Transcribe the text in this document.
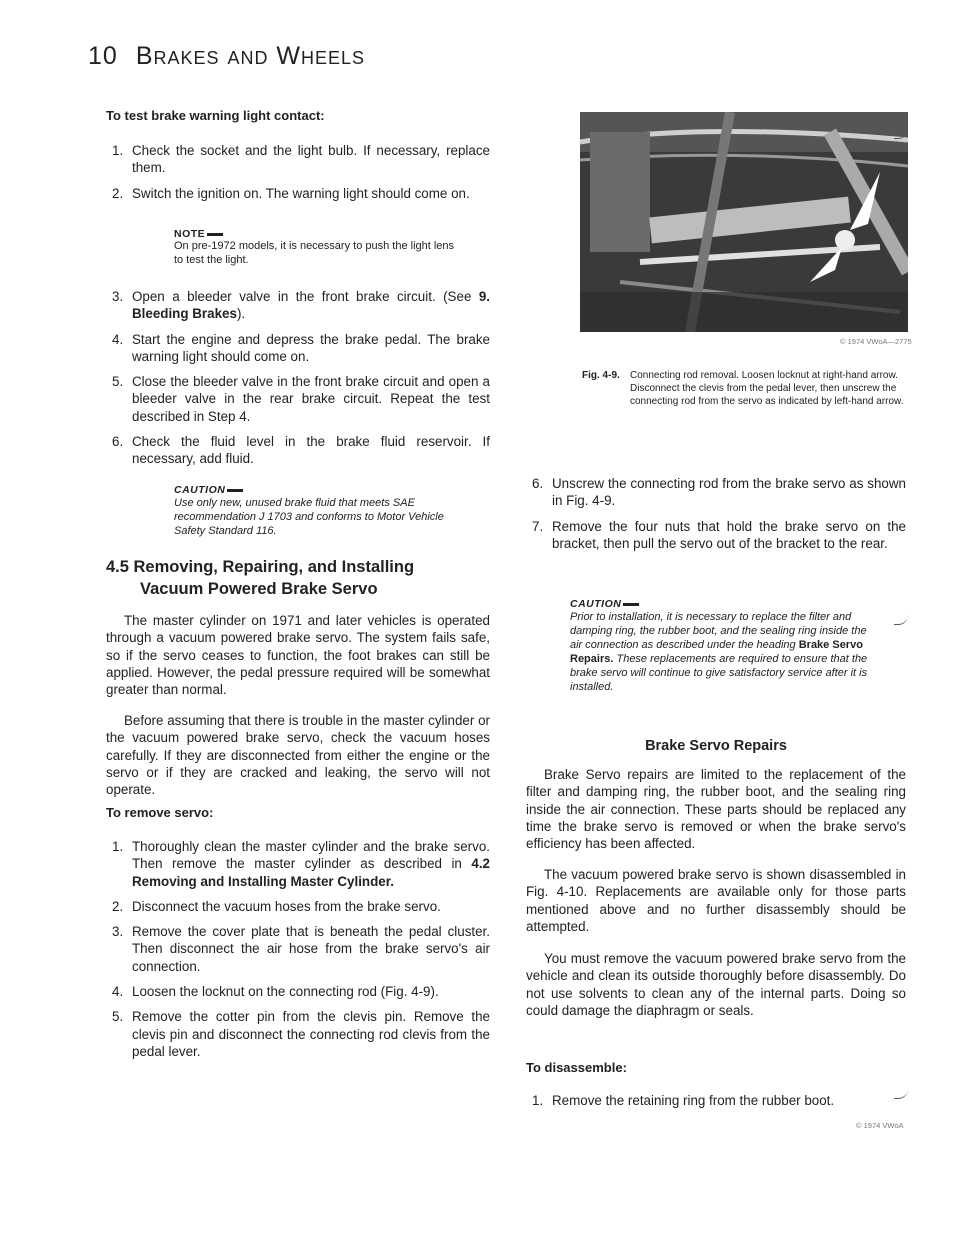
10 Brakes and Wheels

To test brake warning light contact:

1. Check the socket and the light bulb. If necessary, replace them.
2. Switch the ignition on. The warning light should come on.
NOTE

On pre-1972 models, it is necessary to push the light lens to test the light.

3. Open a bleeder valve in the front brake circuit. (See 9. Bleeding Brakes).
4. Start the engine and depress the brake pedal. The brake warning light should come on.
5. Close the bleeder valve in the front brake circuit and open a bleeder valve in the rear brake circuit. Repeat the test described in Step 4.
6. Check the fluid level in the brake fluid reservoir. If necessary, add fluid.
CAUTION

Use only new, unused brake fluid that meets SAE recommendation J 1703 and conforms to Motor Vehicle Safety Standard 116.

4.5 Removing, Repairing, and Installing
Vacuum Powered Brake Servo

The master cylinder on 1971 and later vehicles is operated through a vacuum powered brake servo. The system fails safe, so if the servo ceases to function, the foot brakes can still be applied. However, the pedal pressure required will be somewhat greater than normal.

Before assuming that there is trouble in the master cylinder or the vacuum powered brake servo, check the vacuum hoses carefully. If they are disconnected from either the engine or the servo or if they are cracked and leaking, the servo will not operate.

To remove servo:

1. Thoroughly clean the master cylinder and the brake servo. Then remove the master cylinder as described in 4.2 Removing and Installing Master Cylinder.
2. Disconnect the vacuum hoses from the brake servo.
3. Remove the cover plate that is beneath the pedal cluster. Then disconnect the air hose from the brake servo's air connection.
4. Loosen the locknut on the connecting rod (Fig. 4-9).
5. Remove the cotter pin from the clevis pin. Remove the clevis pin and disconnect the connecting rod clevis from the pedal lever.
© 1974 VWoA—2775
Fig. 4-9. Connecting rod removal. Loosen locknut at right-hand arrow. Disconnect the clevis from the pedal lever, then unscrew the connecting rod from the servo as indicated by left-hand arrow.
6. Unscrew the connecting rod from the brake servo as shown in Fig. 4-9.
7. Remove the four nuts that hold the brake servo on the bracket, then pull the servo out of the bracket to the rear.
CAUTION

Prior to installation, it is necessary to replace the filter and damping ring, the rubber boot, and the sealing ring inside the air connection as described under the heading Brake Servo Repairs. These replacements are required to ensure that the brake servo will continue to give satisfactory service after it is installed.

Brake Servo Repairs

Brake Servo repairs are limited to the replacement of the filter and damping ring, the rubber boot, and the sealing ring inside the air connection. These parts should be replaced any time the brake servo is removed or when the brake servo's efficiency has been affected.

The vacuum powered brake servo is shown disassembled in Fig. 4-10. Replacements are available only for those parts mentioned above and no further disassembly should be attempted.

You must remove the vacuum powered brake servo from the vehicle and clean its outside thoroughly before disassembly. Do not use solvents to clean any of the internal parts. Doing so could damage the diaphragm or seals.

To disassemble:

1. Remove the retaining ring from the rubber boot.
© 1974 VWoA
